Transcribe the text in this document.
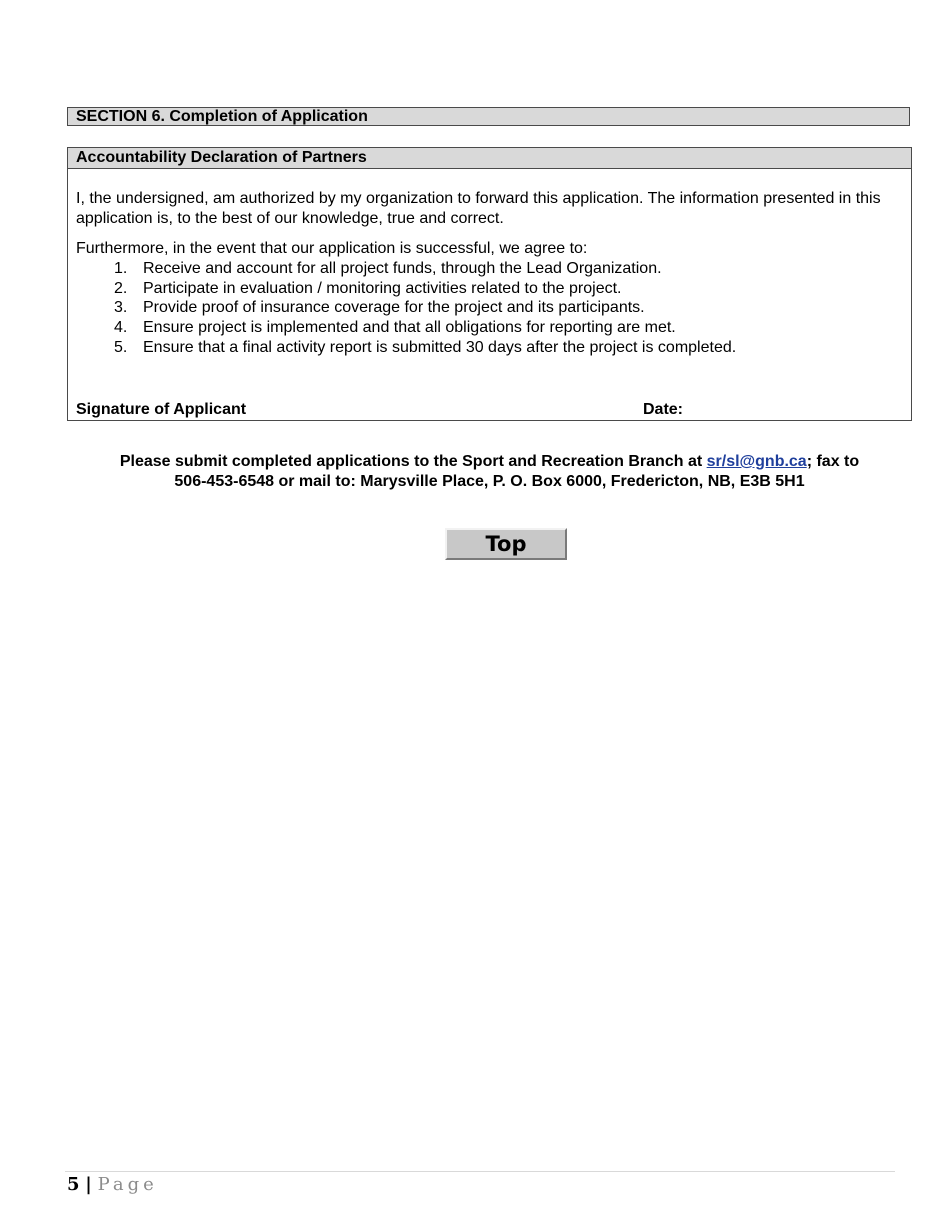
SECTION 6. Completion of Application
Accountability Declaration of Partners

I, the undersigned, am authorized by my organization to forward this application. The information presented in this application is, to the best of our knowledge, true and correct.

Furthermore, in the event that our application is successful, we agree to:

1. Receive and account for all project funds, through the Lead Organization.
2. Participate in evaluation / monitoring activities related to the project.
3. Provide proof of insurance coverage for the project and its participants.
4. Ensure project is implemented and that all obligations for reporting are met.
5. Ensure that a final activity report is submitted 30 days after the project is completed.
Signature of Applicant	Date:
Please submit completed applications to the Sport and Recreation Branch at sr/sl@gnb.ca; fax to
506-453-6548 or mail to: Marysville Place, P. O. Box 6000, Fredericton, NB, E3B 5H1
Top
5 | Page
